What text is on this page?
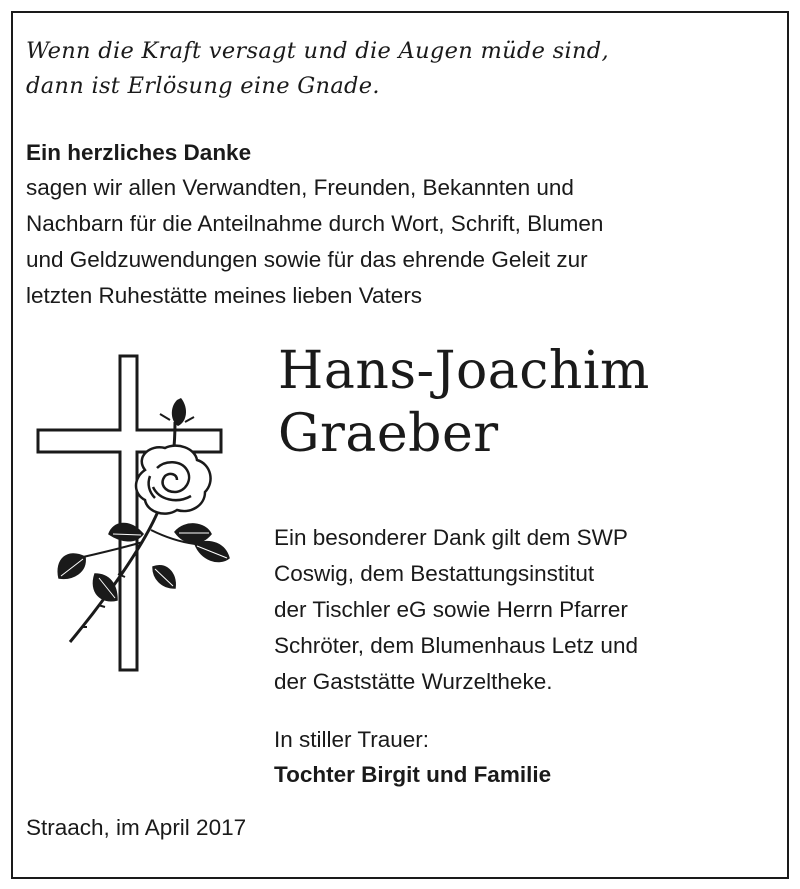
Wenn die Kraft versagt und die Augen müde sind,
dann ist Erlösung eine Gnade.
Ein herzliches Danke
sagen wir allen Verwandten, Freunden, Bekannten und
Nachbarn für die Anteilnahme durch Wort, Schrift, Blumen
und Geldzuwendungen sowie für das ehrende Geleit zur
letzten Ruhestätte meines lieben Vaters
Hans-Joachim
Graeber
Ein besonderer Dank gilt dem SWP
Coswig, dem Bestattungsinstitut
der Tischler eG sowie Herrn Pfarrer
Schröter, dem Blumenhaus Letz und
der Gaststätte Wurzeltheke.
In stiller Trauer:
Tochter Birgit und Familie
Straach, im April 2017
